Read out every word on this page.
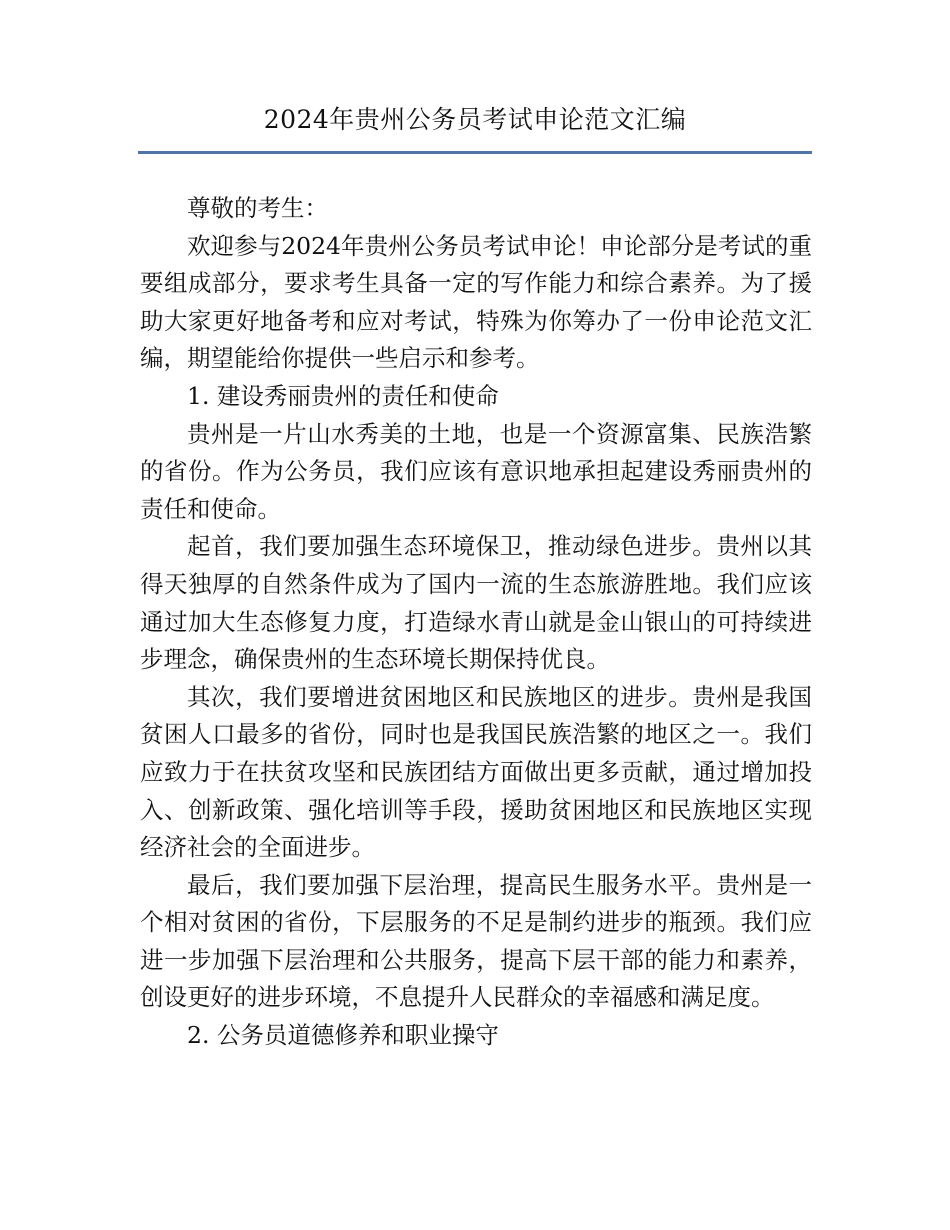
2024年贵州公务员考试申论范文汇编

尊敬的考生：

欢迎参与2024年贵州公务员考试申论！申论部分是考试的重要组成部分，要求考生具备一定的写作能力和综合素养。为了援助大家更好地备考和应对考试，特殊为你筹办了一份申论范文汇编，期望能给你提供一些启示和参考。

1. 建设秀丽贵州的责任和使命

贵州是一片山水秀美的土地，也是一个资源富集、民族浩繁的省份。作为公务员，我们应该有意识地承担起建设秀丽贵州的责任和使命。

起首，我们要加强生态环境保卫，推动绿色进步。贵州以其得天独厚的自然条件成为了国内一流的生态旅游胜地。我们应该通过加大生态修复力度，打造绿水青山就是金山银山的可持续进步理念，确保贵州的生态环境长期保持优良。

其次，我们要增进贫困地区和民族地区的进步。贵州是我国贫困人口最多的省份，同时也是我国民族浩繁的地区之一。我们应致力于在扶贫攻坚和民族团结方面做出更多贡献，通过增加投入、创新政策、强化培训等手段，援助贫困地区和民族地区实现经济社会的全面进步。

最后，我们要加强下层治理，提高民生服务水平。贵州是一个相对贫困的省份，下层服务的不足是制约进步的瓶颈。我们应进一步加强下层治理和公共服务，提高下层干部的能力和素养，创设更好的进步环境，不息提升人民群众的幸福感和满足度。

2. 公务员道德修养和职业操守
